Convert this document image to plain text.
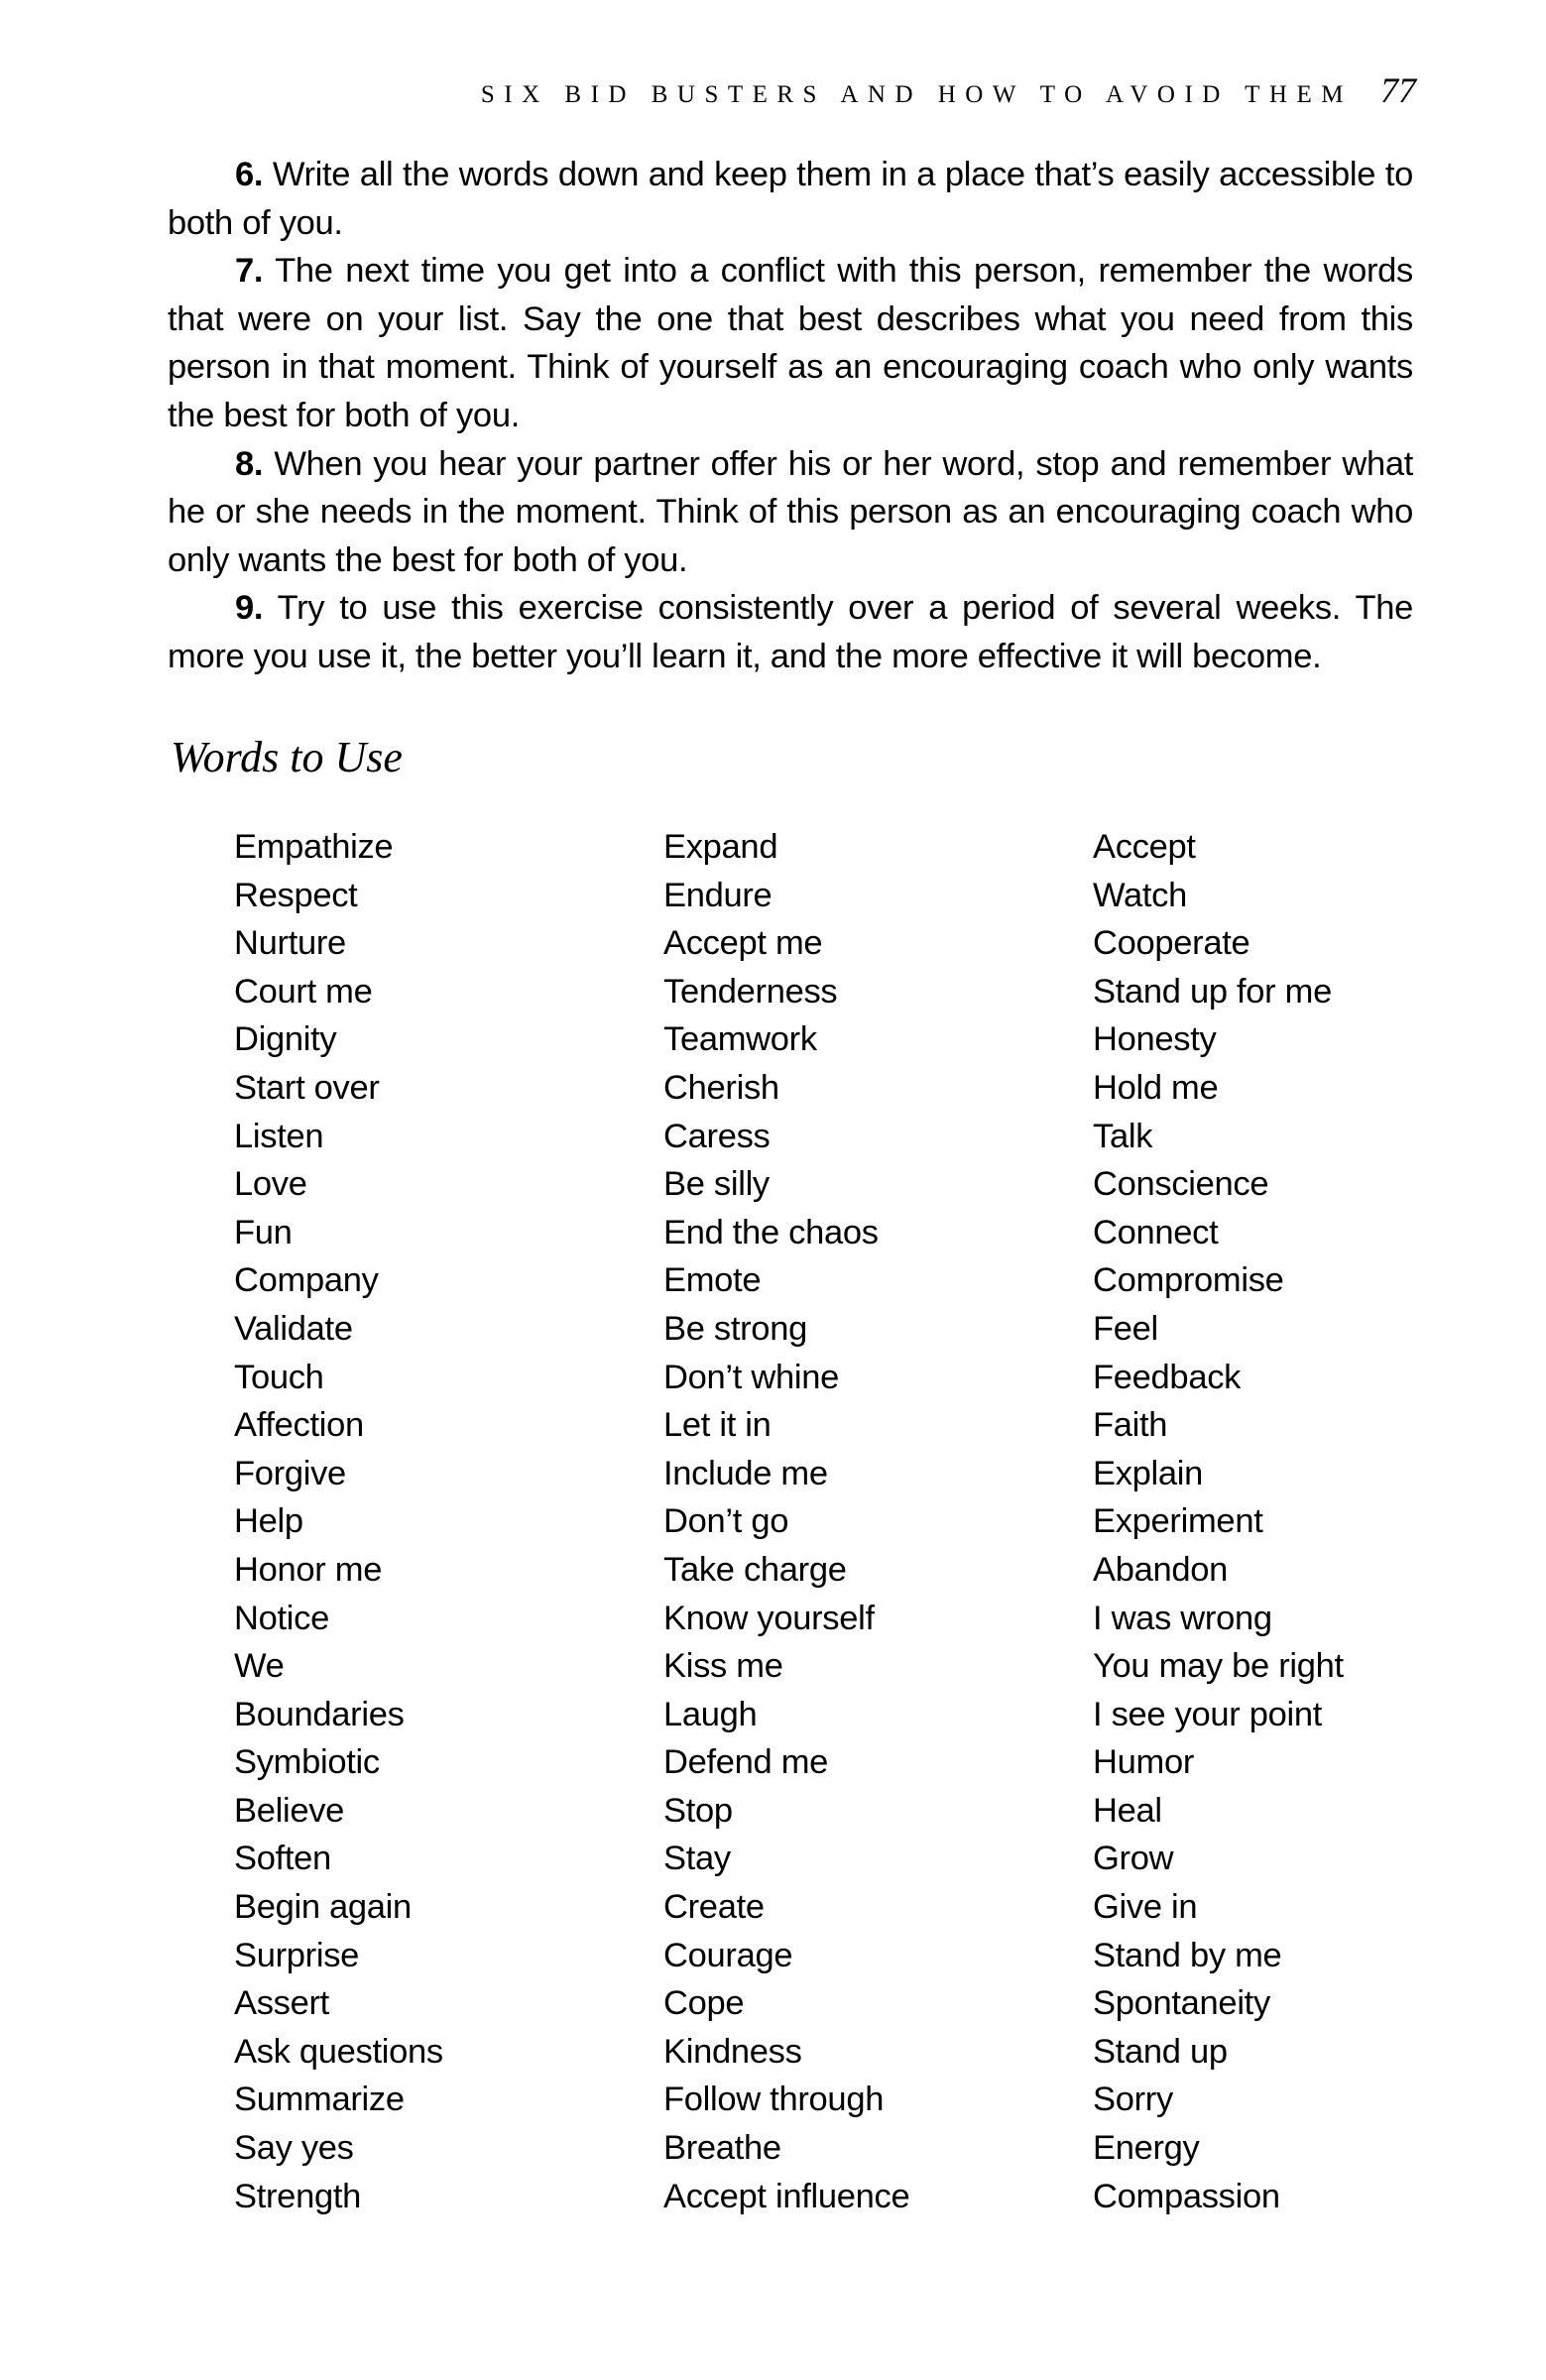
SIX BID BUSTERS AND HOW TO AVOID THEM 77

6. Write all the words down and keep them in a place that’s easily accessible to both of you.

7. The next time you get into a conflict with this person, remember the words that were on your list. Say the one that best describes what you need from this person in that moment. Think of yourself as an encouraging coach who only wants the best for both of you.

8. When you hear your partner offer his or her word, stop and remember what he or she needs in the moment. Think of this person as an encouraging coach who only wants the best for both of you.

9. Try to use this exercise consistently over a period of several weeks. The more you use it, the better you’ll learn it, and the more effective it will become.

Words to Use
Empathize
Respect
Nurture
Court me
Dignity
Start over
Listen
Love
Fun
Company
Validate
Touch
Affection
Forgive
Help
Honor me
Notice
We
Boundaries
Symbiotic
Believe
Soften
Begin again
Surprise
Assert
Ask questions
Summarize
Say yes
Strength
Expand
Endure
Accept me
Tenderness
Teamwork
Cherish
Caress
Be silly
End the chaos
Emote
Be strong
Don’t whine
Let it in
Include me
Don’t go
Take charge
Know yourself
Kiss me
Laugh
Defend me
Stop
Stay
Create
Courage
Cope
Kindness
Follow through
Breathe
Accept influence
Accept
Watch
Cooperate
Stand up for me
Honesty
Hold me
Talk
Conscience
Connect
Compromise
Feel
Feedback
Faith
Explain
Experiment
Abandon
I was wrong
You may be right
I see your point
Humor
Heal
Grow
Give in
Stand by me
Spontaneity
Stand up
Sorry
Energy
Compassion
